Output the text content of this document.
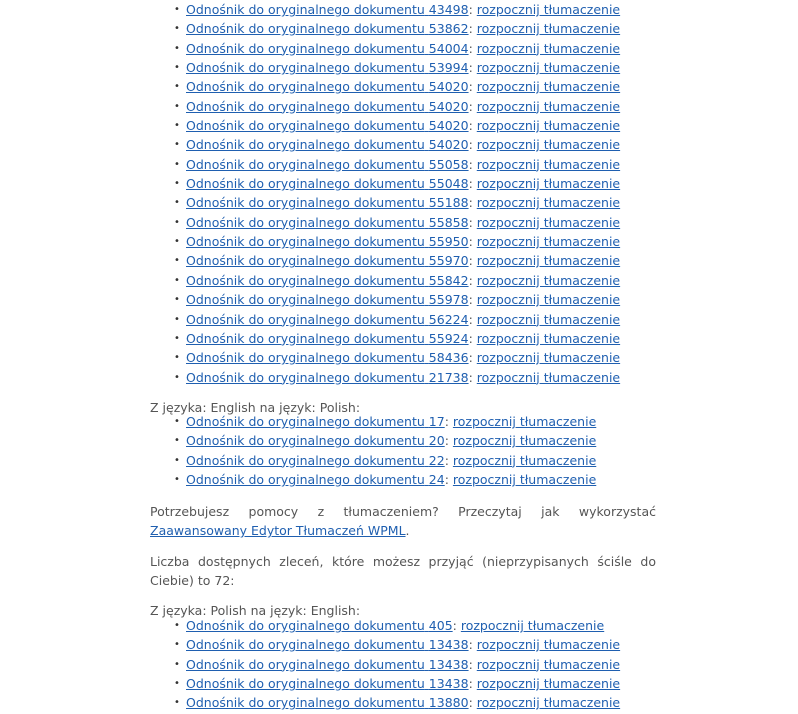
• Odnośnik do oryginalnego dokumentu 43498: rozpocznij tłumaczenie
• Odnośnik do oryginalnego dokumentu 53862: rozpocznij tłumaczenie
• Odnośnik do oryginalnego dokumentu 54004: rozpocznij tłumaczenie
• Odnośnik do oryginalnego dokumentu 53994: rozpocznij tłumaczenie
• Odnośnik do oryginalnego dokumentu 54020: rozpocznij tłumaczenie
• Odnośnik do oryginalnego dokumentu 54020: rozpocznij tłumaczenie
• Odnośnik do oryginalnego dokumentu 54020: rozpocznij tłumaczenie
• Odnośnik do oryginalnego dokumentu 54020: rozpocznij tłumaczenie
• Odnośnik do oryginalnego dokumentu 55058: rozpocznij tłumaczenie
• Odnośnik do oryginalnego dokumentu 55048: rozpocznij tłumaczenie
• Odnośnik do oryginalnego dokumentu 55188: rozpocznij tłumaczenie
• Odnośnik do oryginalnego dokumentu 55858: rozpocznij tłumaczenie
• Odnośnik do oryginalnego dokumentu 55950: rozpocznij tłumaczenie
• Odnośnik do oryginalnego dokumentu 55970: rozpocznij tłumaczenie
• Odnośnik do oryginalnego dokumentu 55842: rozpocznij tłumaczenie
• Odnośnik do oryginalnego dokumentu 55978: rozpocznij tłumaczenie
• Odnośnik do oryginalnego dokumentu 56224: rozpocznij tłumaczenie
• Odnośnik do oryginalnego dokumentu 55924: rozpocznij tłumaczenie
• Odnośnik do oryginalnego dokumentu 58436: rozpocznij tłumaczenie
• Odnośnik do oryginalnego dokumentu 21738: rozpocznij tłumaczenie
Z języka: English na język: Polish:
• Odnośnik do oryginalnego dokumentu 17: rozpocznij tłumaczenie
• Odnośnik do oryginalnego dokumentu 20: rozpocznij tłumaczenie
• Odnośnik do oryginalnego dokumentu 22: rozpocznij tłumaczenie
• Odnośnik do oryginalnego dokumentu 24: rozpocznij tłumaczenie

Potrzebujesz pomocy z tłumaczeniem? Przeczytaj jak wykorzystać Zaawansowany Edytor Tłumaczeń WPML.

Liczba dostępnych zleceń, które możesz przyjąć (nieprzypisanych ściśle do Ciebie) to 72:

Z języka: Polish na język: English:
• Odnośnik do oryginalnego dokumentu 405: rozpocznij tłumaczenie
• Odnośnik do oryginalnego dokumentu 13438: rozpocznij tłumaczenie
• Odnośnik do oryginalnego dokumentu 13438: rozpocznij tłumaczenie
• Odnośnik do oryginalnego dokumentu 13438: rozpocznij tłumaczenie
• Odnośnik do oryginalnego dokumentu 13880: rozpocznij tłumaczenie
